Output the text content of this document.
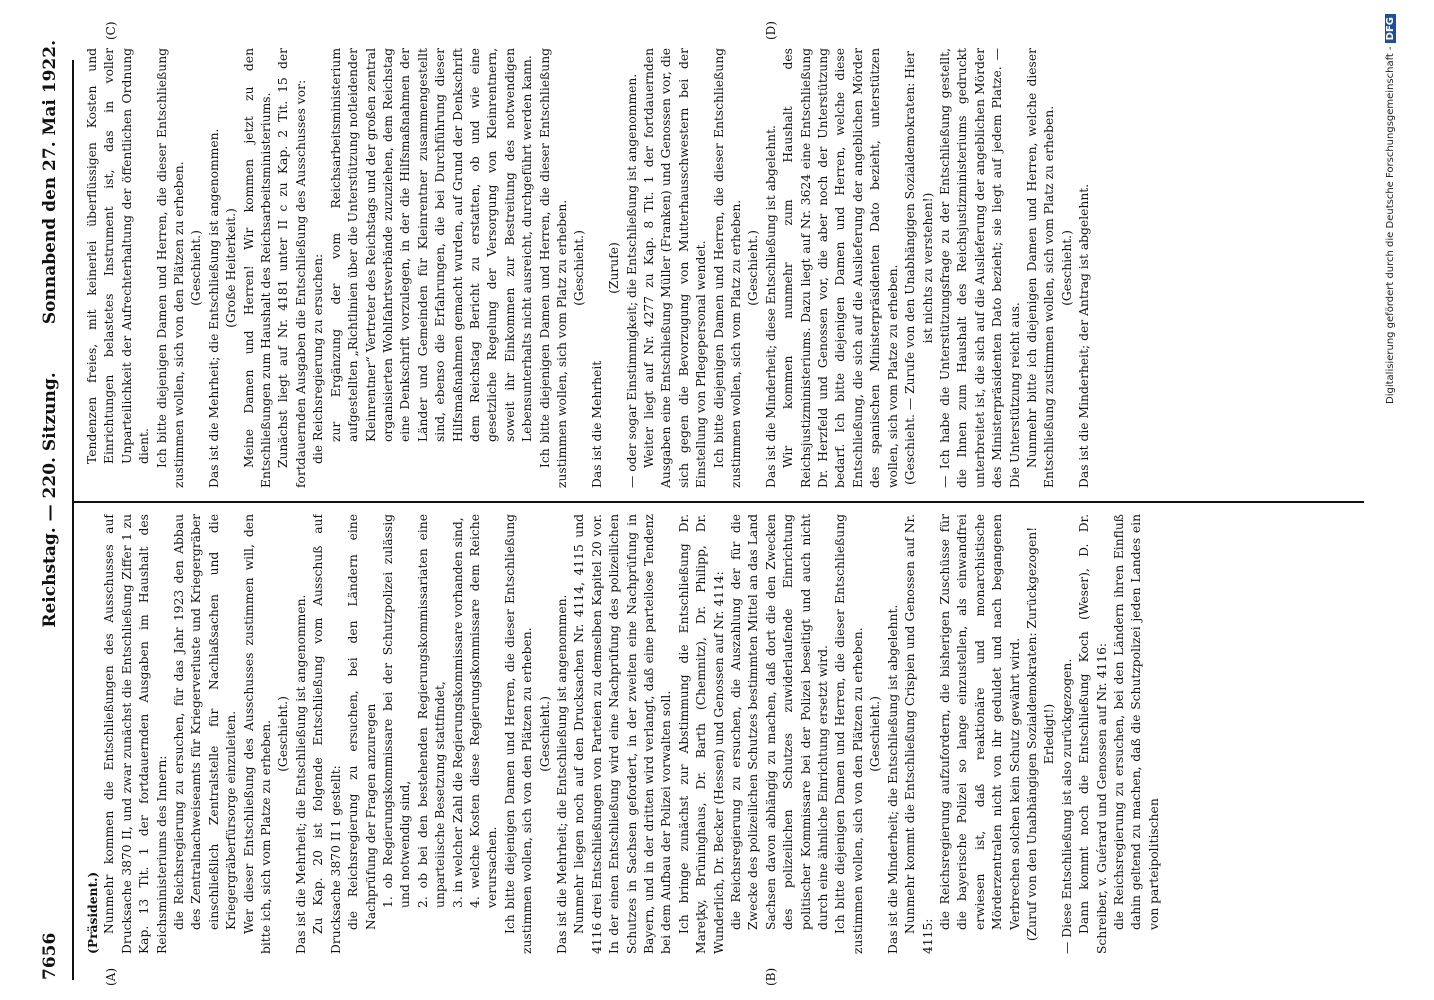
7656
Reichstag. — 220. Sitzung.
Sonnabend den 27. Mai 1922.
(A)	(B)
(C)	(D)

(Präsident.) Nunmehr kommen die Entschließungen des Ausschusses auf Drucksache 3870 II, und zwar zunächst die Entschließung Ziffer 1 zu Kap. 13 Tit. 1 der fortdauernden Ausgaben im Haushalt des Reichsministeriums des Innern: die Reichsregierung zu ersuchen, für das Jahr 1923 den Abbau des Zentralnachweiseamts für Kriegerverluste und Kriegergräber einschließlich Zentralstelle für Nachlaßsachen und die Kriegergräberfürsorge einzuleiten. Wer dieser Entschließung des Ausschusses zustimmen will, den bitte ich, sich vom Platze zu erheben. (Geschieht.) Das ist die Mehrheit; die Entschließung ist angenommen. Zu Kap. 20 ist folgende Entschließung vom Ausschuß auf Drucksache 3870 II 1 gestellt: die Reichsregierung zu ersuchen, bei den Ländern eine Nachprüfung der Fragen anzuregen 1. ob Regierungskommissare bei der Schutzpolizei zulässig und notwendig sind, 2. ob bei den bestehenden Regierungskommissariaten eine unparteiische Besetzung stattfindet, 3. in welcher Zahl die Regierungskommissare vorhanden sind, 4. welche Kosten diese Regierungskommissare dem Reiche verursachen. Ich bitte diejenigen Damen und Herren, die dieser Entschließung zustimmen wollen, sich von den Plätzen zu erheben. (Geschieht.) Das ist die Mehrheit; die Entschließung ist angenommen. Nunmehr liegen noch auf den Drucksachen Nr. 4114, 4115 und 4116 drei Entschließungen von Parteien zu demselben Kapitel 20 vor. In der einen Entschließung wird eine Nachprüfung des polizeilichen Schutzes in Sachsen gefordert, in der zweiten eine Nachprüfung in Bayern, und in der dritten wird verlangt, daß eine parteilose Tendenz bei dem Aufbau der Polizei vorwalten soll. Ich bringe zunächst zur Abstimmung die Entschließung Dr. Mareţky, Brüninghaus, Dr. Barth (Chemnitz), Dr. Philipp, Dr. Wunderlich, Dr. Becker (Hessen) und Genossen auf Nr. 4114: die Reichsregierung zu ersuchen, die Auszahlung der für die Zwecke des polizeilichen Schutzes bestimmten Mittel an das Land Sachsen davon abhängig zu machen, daß dort die den Zwecken des polizeilichen Schutzes zuwiderlaufende Einrichtung politischer Kommissare bei der Polizei beseitigt und auch nicht durch eine ähnliche Einrichtung ersetzt wird. Ich bitte diejenigen Damen und Herren, die dieser Entschließung zustimmen wollen, sich von den Plätzen zu erheben. (Geschieht.) Das ist die Minderheit; die Entschließung ist abgelehnt. Nunmehr kommt die Entschließung Crispien und Genossen auf Nr. 4115:

die Reichsregierung aufzufordern, die bisherigen Zuschüsse für die bayerische Polizei so lange einzustellen, als einwandfrei erwiesen ist, daß reaktionäre und monarchistische Mörderzentralen nicht von ihr geduldet und nach begangenen Verbrechen solchen kein Schutz gewährt wird. (Zuruf von den Unabhängigen Sozialdemokraten: Zurückgezogen! Erledigt!) — Diese Entschließung ist also zurückgezogen. Dann kommt noch die Entschließung Koch (Weser), D. Dr. Schreiber, v. Guérard und Genossen auf Nr. 4116: die Reichsregierung zu ersuchen, bei den Ländern ihren Einfluß dahin geltend zu machen, daß die Schutzpolizei jeden Landes ein von parteipolitischen

Tendenzen freies, mit keinerlei überflüssigen Kosten und Einrichtungen belastetes Instrument ist, das in voller Unparteilichkeit der Aufrechterhaltung der öffentlichen Ordnung dient. Ich bitte diejenigen Damen und Herren, die dieser Entschließung zustimmen wollen, sich von den Plätzen zu erheben. (Geschieht.) Das ist die Mehrheit; die Entschließung ist angenommen. (Große Heiterkeit.) Meine Damen und Herren! Wir kommen jetzt zu den Entschließungen zum Haushalt des Reichsarbeitsministeriums. Zunächst liegt auf Nr. 4181 unter II c zu Kap. 2 Tit. 15 der fortdauernden Ausgaben die Entschließung des Ausschusses vor: die Reichsregierung zu ersuchen: zur Ergänzung der vom Reichsarbeitsministerium aufgestellten „Richtlinien über die Unterstützung notleidender Kleinrentner“ Vertreter des Reichstags und der großen zentral organisierten Wohlfahrtsverbände zuzuziehen, dem Reichstag eine Denkschrift vorzulegen, in der die Hilfsmaßnahmen der Länder und Gemeinden für Kleinrentner zusammengestellt sind, ebenso die Erfahrungen, die bei Durchführung dieser Hilfsmaßnahmen gemacht wurden, auf Grund der Denkschrift dem Reichstag Bericht zu erstatten, ob und wie eine gesetzliche Regelung der Versorgung von Kleinrentnern, soweit ihr Einkommen zur Bestreitung des notwendigen Lebensunterhalts nicht ausreicht, durchgeführt werden kann. Ich bitte diejenigen Damen und Herren, die dieser Entschließung zustimmen wollen, sich vom Platz zu erheben. (Geschieht.)

Das ist die Mehrheit

(Zurufe) — oder sogar Einstimmigkeit; die Entschließung ist angenommen. Weiter liegt auf Nr. 4277 zu Kap. 8 Tit. 1 der fortdauernden Ausgaben eine Entschließung Müller (Franken) und Genossen vor, die sich gegen die Bevorzugung von Mutterhausschwestern bei der Einstellung von Pflegepersonal wendet. Ich bitte diejenigen Damen und Herren, die dieser Entschließung zustimmen wollen, sich vom Platz zu erheben. (Geschieht.) Das ist die Minderheit; diese Entschließung ist abgelehnt. Wir kommen nunmehr zum Haushalt des Reichsjustizministeriums. Dazu liegt auf Nr. 3624 eine Entschließung Dr. Herzfeld und Genossen vor, die aber noch der Unterstützung bedarf. Ich bitte diejenigen Damen und Herren, welche diese Entschließung, die sich auf die Auslieferung der angeblichen Mörder des spanischen Ministerpräsidenten Dato bezieht, unterstützen wollen, sich vom Platze zu erheben. (Geschieht. — Zurufe von den Unabhängigen Sozialdemokraten: Hier ist nichts zu verstehen!) — Ich habe die Unterstützungsfrage zu der Entschließung gestellt, die Ihnen zum Haushalt des Reichsjustizministeriums gedruckt unterbreitet ist, die sich auf die Auslieferung der angeblichen Mörder des Ministerpräsidenten Dato bezieht; sie liegt auf jedem Platze. — Die Unterstützung reicht aus. Nunmehr bitte ich diejenigen Damen und Herren, welche dieser Entschließung zustimmen wollen, sich vom Platz zu erheben. (Geschieht.) Das ist die Minderheit; der Antrag ist abgelehnt.	Digitalisierung gefördert durch die Deutsche Forschungsgemeinschaft -DFG
